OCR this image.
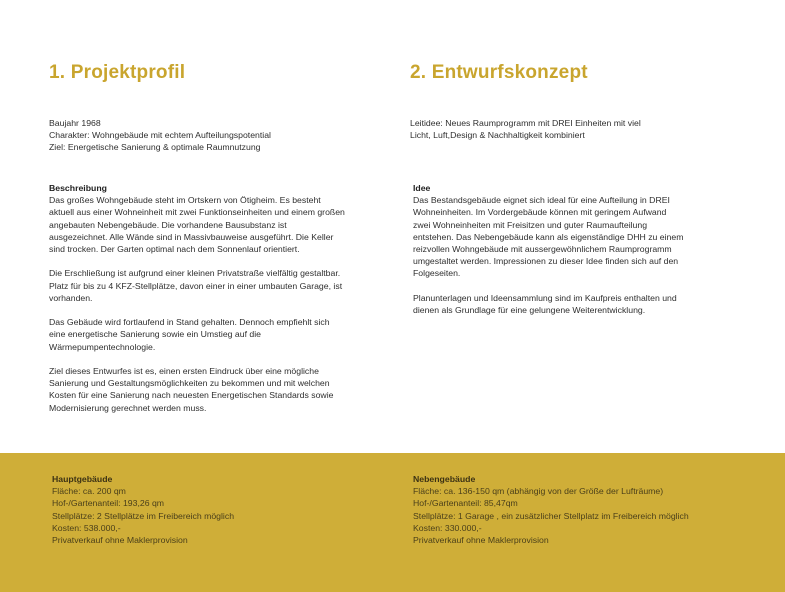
1. Projektprofil
Baujahr 1968
Charakter: Wohngebäude mit echtem Aufteilungspotential
Ziel: Energetische Sanierung & optimale Raumnutzung
Beschreibung

Das großes Wohngebäude steht im Ortskern von Ötigheim. Es besteht aktuell aus einer Wohneinheit mit zwei Funktionseinheiten und einem großen angebauten Nebengebäude. Die vorhandene Bausubstanz ist ausgezeichnet. Alle Wände sind in Massivbauweise ausgeführt. Die Keller sind trocken. Der Garten optimal nach dem Sonnenlauf orientiert.

Die Erschließung ist aufgrund einer kleinen Privatstraße vielfältig gestaltbar. Platz für bis zu 4 KFZ-Stellplätze, davon einer in einer umbauten Garage, ist vorhanden.

Das Gebäude wird fortlaufend in Stand gehalten. Dennoch empfiehlt sich eine energetische Sanierung sowie ein Umstieg auf die Wärmepumpentechnologie.

Ziel dieses Entwurfes ist es, einen ersten Eindruck über eine mögliche Sanierung und Gestaltungsmöglichkeiten zu bekommen und mit welchen Kosten für eine Sanierung nach neuesten Energetischen Standards sowie Modernisierung gerechnet werden muss.

2. Entwurfskonzept
Leitidee: Neues Raumprogramm mit DREI Einheiten mit viel
Licht, Luft,Design & Nachhaltigkeit kombiniert
Idee

Das Bestandsgebäude eignet sich ideal für eine Aufteilung in DREI Wohneinheiten. Im Vordergebäude können mit geringem Aufwand zwei Wohneinheiten mit Freisitzen und guter Raumaufteilung entstehen. Das Nebengebäude kann als eigenständige DHH zu einem reizvollen Wohngebäude mit aussergewöhnlichem Raumprogramm umgestaltet werden. Impressionen zu dieser Idee finden sich auf den Folgeseiten.

Planunterlagen und Ideensammlung sind im Kaufpreis enthalten und dienen als Grundlage für eine gelungene Weiterentwicklung.

Hauptgebäude
Fläche: ca. 200 qm
Hof-/Gartenanteil: 193,26 qm
Stellplätze: 2 Stellplätze im Freibereich möglich
Kosten: 538.000,-
Privatverkauf ohne Maklerprovision
Nebengebäude
Fläche: ca. 136-150 qm (abhängig von der Größe der Lufträume)
Hof-/Gartenanteil: 85,47qm
Stellplätze: 1 Garage , ein zusätzlicher Stellplatz im Freibereich möglich
Kosten: 330.000,-
Privatverkauf ohne Maklerprovision
